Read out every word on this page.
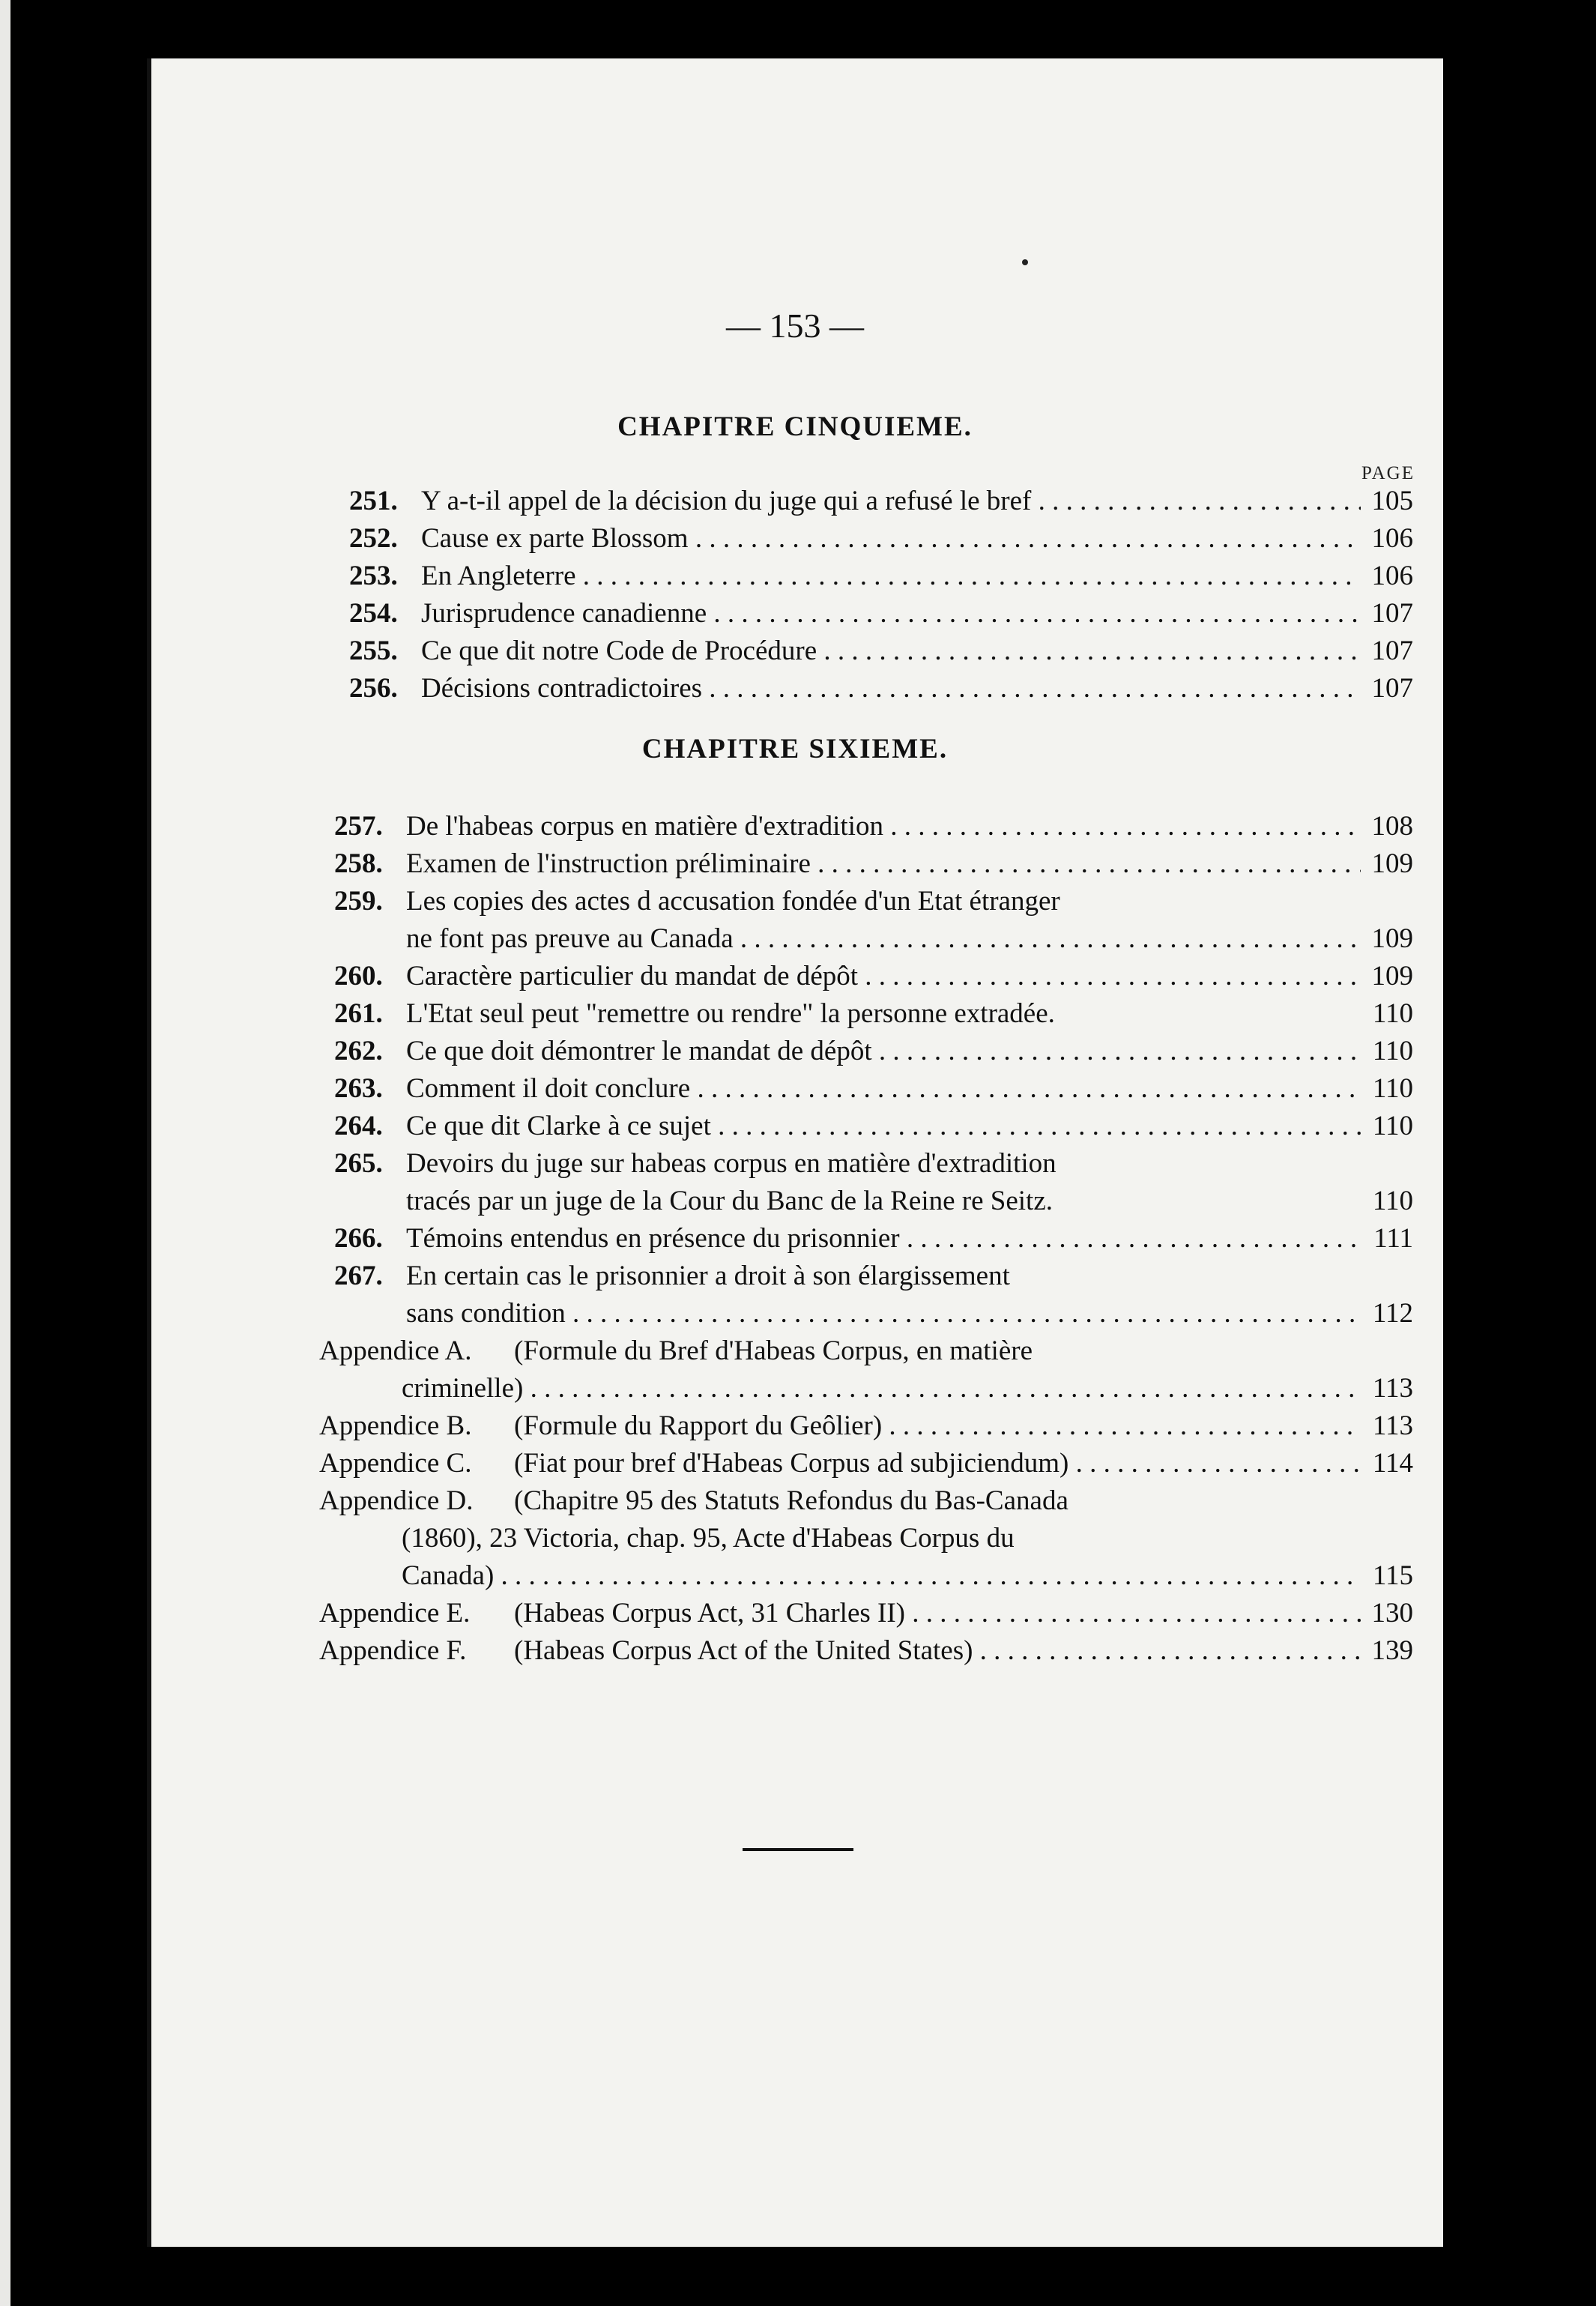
— 153 —
CHAPITRE CINQUIEME.
PAGE
251. Y a-t-il appel de la décision du juge qui a refusé le bref . . .	105
252. Cause ex parte Blossom . . .	106
253. En Angleterre . . .	106
254. Jurisprudence canadienne . . .	107
255. Ce que dit notre Code de Procédure . . .	107
256. Décisions contradictoires . . .	107
CHAPITRE SIXIEME.
257. De l'habeas corpus en matière d'extradition . . .	108
258. Examen de l'instruction préliminaire . . .	109
259. Les copies des actes d accusation fondée d'un Etat étranger
ne font pas preuve au Canada . . .	109
260. Caractère particulier du mandat de dépôt . . .	109
261. L'Etat seul peut "remettre ou rendre" la personne extradée.	110
262. Ce que doit démontrer le mandat de dépôt . . .	110
263. Comment il doit conclure . . .	110
264. Ce que dit Clarke à ce sujet . . .	110
265. Devoirs du juge sur habeas corpus en matière d'extradition
tracés par un juge de la Cour du Banc de la Reine re Seitz.	110
266. Témoins entendus en présence du prisonnier . . .	111
267. En certain cas le prisonnier a droit à son élargissement
sans condition . . .	112
Appendice A.	(Formule du Bref d'Habeas Corpus, en matière
criminelle) . . .	113
Appendice B.	(Formule du Rapport du Geôlier) . . .	113
Appendice C.	(Fiat pour bref d'Habeas Corpus ad subjiciendum) . . .	114
Appendice D.	(Chapitre 95 des Statuts Refondus du Bas-Canada
(1860), 23 Victoria, chap. 95, Acte d'Habeas Corpus du
Canada) . . .	115
Appendice E.	(Habeas Corpus Act, 31 Charles II) . . .	130
Appendice F.	(Habeas Corpus Act of the United States) . . .	139
